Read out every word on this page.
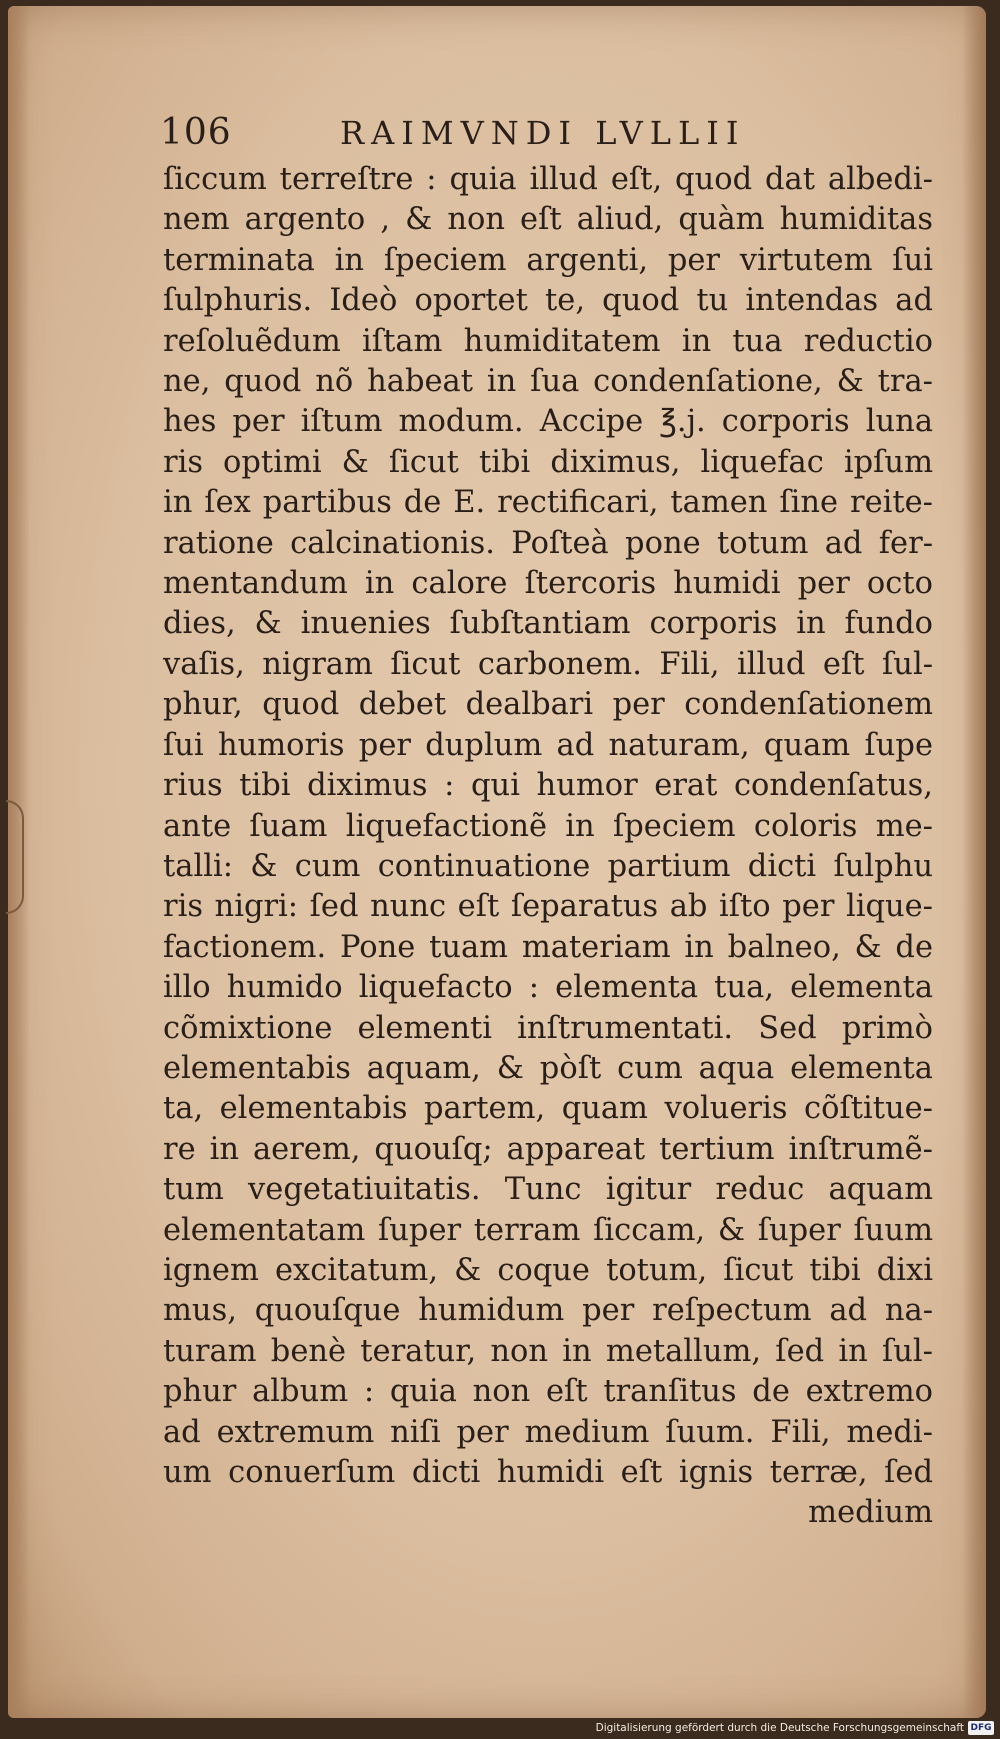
106	RAIMVNDI LVLLII
ſiccum terreſtre : quia illud eſt, quod dat albedi-
nem argento , & non eſt aliud, quàm humiditas
terminata in ſpeciem argenti, per virtutem ſui
ſulphuris. Ideò oportet te, quod tu intendas ad
reſoluẽdum iſtam humiditatem in tua reductio
ne, quod nõ habeat in ſua condenſatione, & tra-
hes per iſtum modum. Accipe ℥.j. corporis luna
ris optimi & ſicut tibi diximus, liquefac ipſum
in ſex partibus de E. rectificari, tamen ſine reite-
ratione calcinationis. Poſteà pone totum ad fer-
mentandum in calore ſtercoris humidi per octo
dies, & inuenies ſubſtantiam corporis in fundo
vaſis, nigram ſicut carbonem. Fili, illud eſt ſul-
phur, quod debet dealbari per condenſationem
ſui humoris per duplum ad naturam, quam ſupe
rius tibi diximus : qui humor erat condenſatus,
ante ſuam liquefactionẽ in ſpeciem coloris me-
talli: & cum continuatione partium dicti ſulphu
ris nigri: ſed nunc eſt ſeparatus ab iſto per lique-
factionem. Pone tuam materiam in balneo, & de
illo humido liquefacto : elementa tua, elementa
cõmixtione elementi inſtrumentati. Sed primò
elementabis aquam, & pòſt cum aqua elementa
ta, elementabis partem, quam volueris cõſtitue-
re in aerem, quouſq; appareat tertium inſtrumẽ-
tum vegetatiuitatis. Tunc igitur reduc aquam
elementatam ſuper terram ſiccam, & ſuper ſuum
ignem excitatum, & coque totum, ſicut tibi dixi
mus, quouſque humidum per reſpectum ad na-
turam benè teratur, non in metallum, ſed in ſul-
phur album : quia non eſt tranſitus de extremo
ad extremum niſi per medium ſuum. Fili, medi-
um conuerſum dicti humidi eſt ignis terræ, ſed
medium
Digitalisierung gefördert durch die Deutsche Forschungsgemeinschaft DFG
